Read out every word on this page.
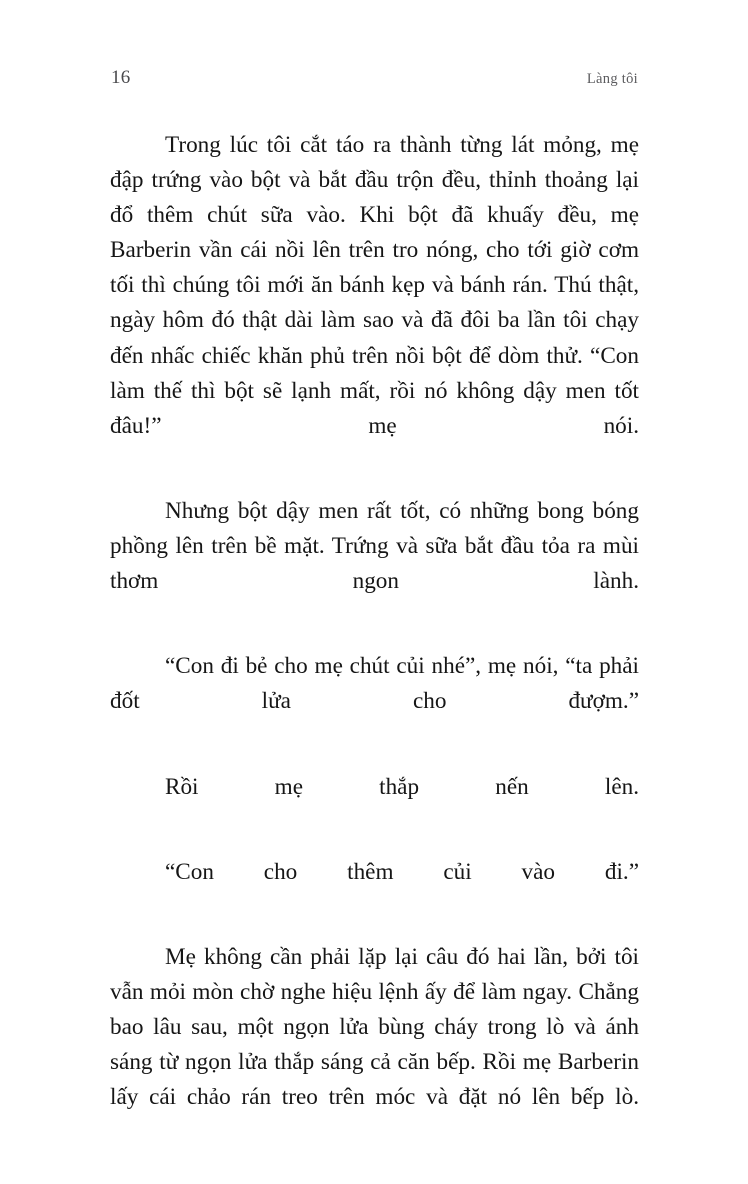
16	Làng tôi

Trong lúc tôi cắt táo ra thành từng lát mỏng, mẹ đập trứng vào bột và bắt đầu trộn đều, thỉnh thoảng lại đổ thêm chút sữa vào. Khi bột đã khuấy đều, mẹ Barberin vần cái nồi lên trên tro nóng, cho tới giờ cơm tối thì chúng tôi mới ăn bánh kẹp và bánh rán. Thú thật, ngày hôm đó thật dài làm sao và đã đôi ba lần tôi chạy đến nhấc chiếc khăn phủ trên nồi bột để dòm thử. “Con làm thế thì bột sẽ lạnh mất, rồi nó không dậy men tốt đâu!” mẹ nói.

Nhưng bột dậy men rất tốt, có những bong bóng phồng lên trên bề mặt. Trứng và sữa bắt đầu tỏa ra mùi thơm ngon lành.

“Con đi bẻ cho mẹ chút củi nhé”, mẹ nói, “ta phải đốt lửa cho đượm.”

Rồi mẹ thắp nến lên.

“Con cho thêm củi vào đi.”

Mẹ không cần phải lặp lại câu đó hai lần, bởi tôi vẫn mỏi mòn chờ nghe hiệu lệnh ấy để làm ngay. Chẳng bao lâu sau, một ngọn lửa bùng cháy trong lò và ánh sáng từ ngọn lửa thắp sáng cả căn bếp. Rồi mẹ Barberin lấy cái chảo rán treo trên móc và đặt nó lên bếp lò.
